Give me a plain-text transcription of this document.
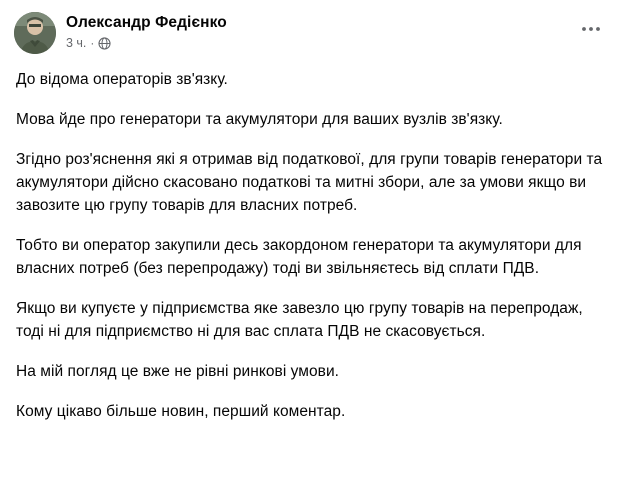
Олександр Федієнко
3 ч. ·

До відома операторів зв'язку.

Мова йде про генератори та акумулятори для ваших вузлів зв'язку.

Згідно роз'яснення які я отримав від податкової, для групи товарів генератори та акумулятори дійсно скасовано податкові та митні збори, але за умови якщо ви завозите цю групу товарів для власних потреб.

Тобто ви оператор закупили десь закордоном генератори та акумулятори для власних потреб (без перепродажу) тоді ви звільняєтесь від сплати ПДВ.

Якщо ви купуєте у підприємства яке завезло цю групу товарів на перепродаж, тоді ні для підприємство ні для вас сплата ПДВ не скасовується.

На мій погляд це вже не рівні ринкові умови.

Кому цікаво більше новин, перший коментар.
